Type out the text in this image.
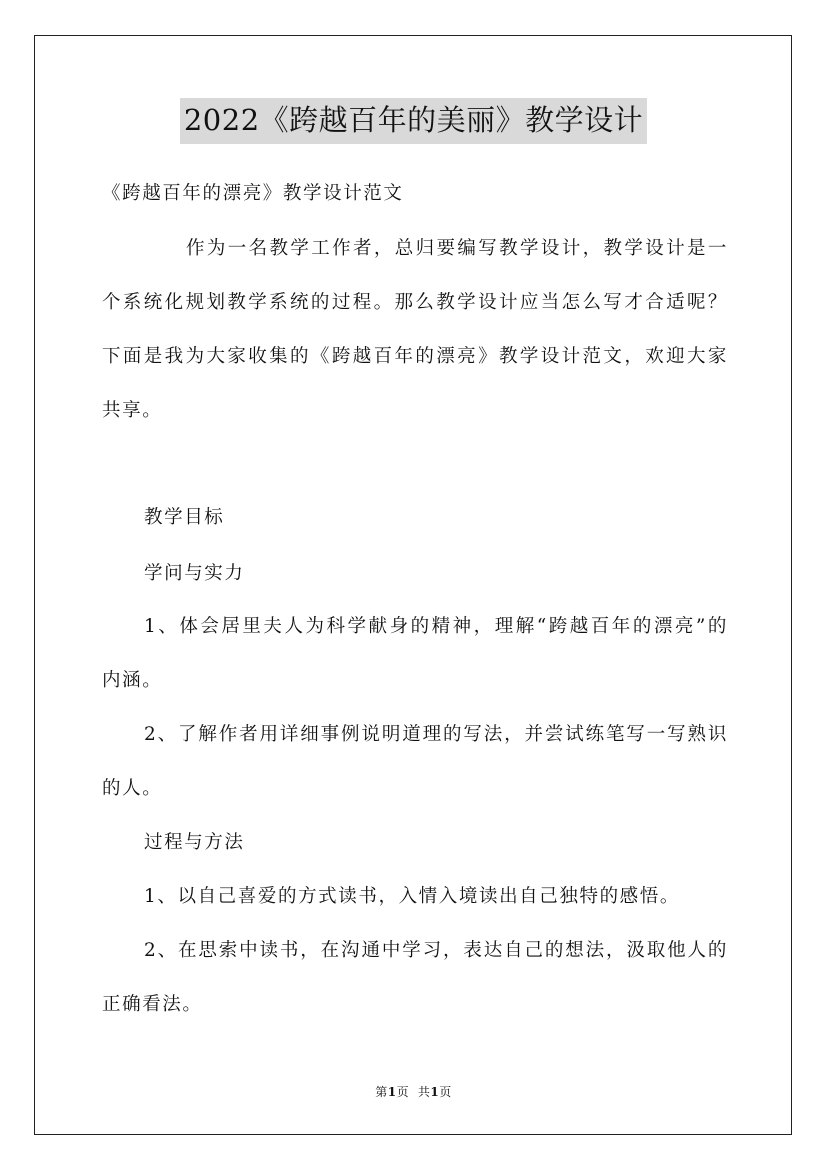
2022《跨越百年的美丽》教学设计
《跨越百年的漂亮》教学设计范文
作为一名教学工作者，总归要编写教学设计，教学设计是一
个系统化规划教学系统的过程。那么教学设计应当怎么写才合适呢？
下面是我为大家收集的《跨越百年的漂亮》教学设计范文，欢迎大家
共享。
教学目标
学问与实力
1、体会居里夫人为科学献身的精神，理解“跨越百年的漂亮”的
内涵。
2、了解作者用详细事例说明道理的写法，并尝试练笔写一写熟识
的人。
过程与方法
1、以自己喜爱的方式读书，入情入境读出自己独特的感悟。
2、在思索中读书，在沟通中学习，表达自己的想法，汲取他人的
正确看法。
第1页 共1页
